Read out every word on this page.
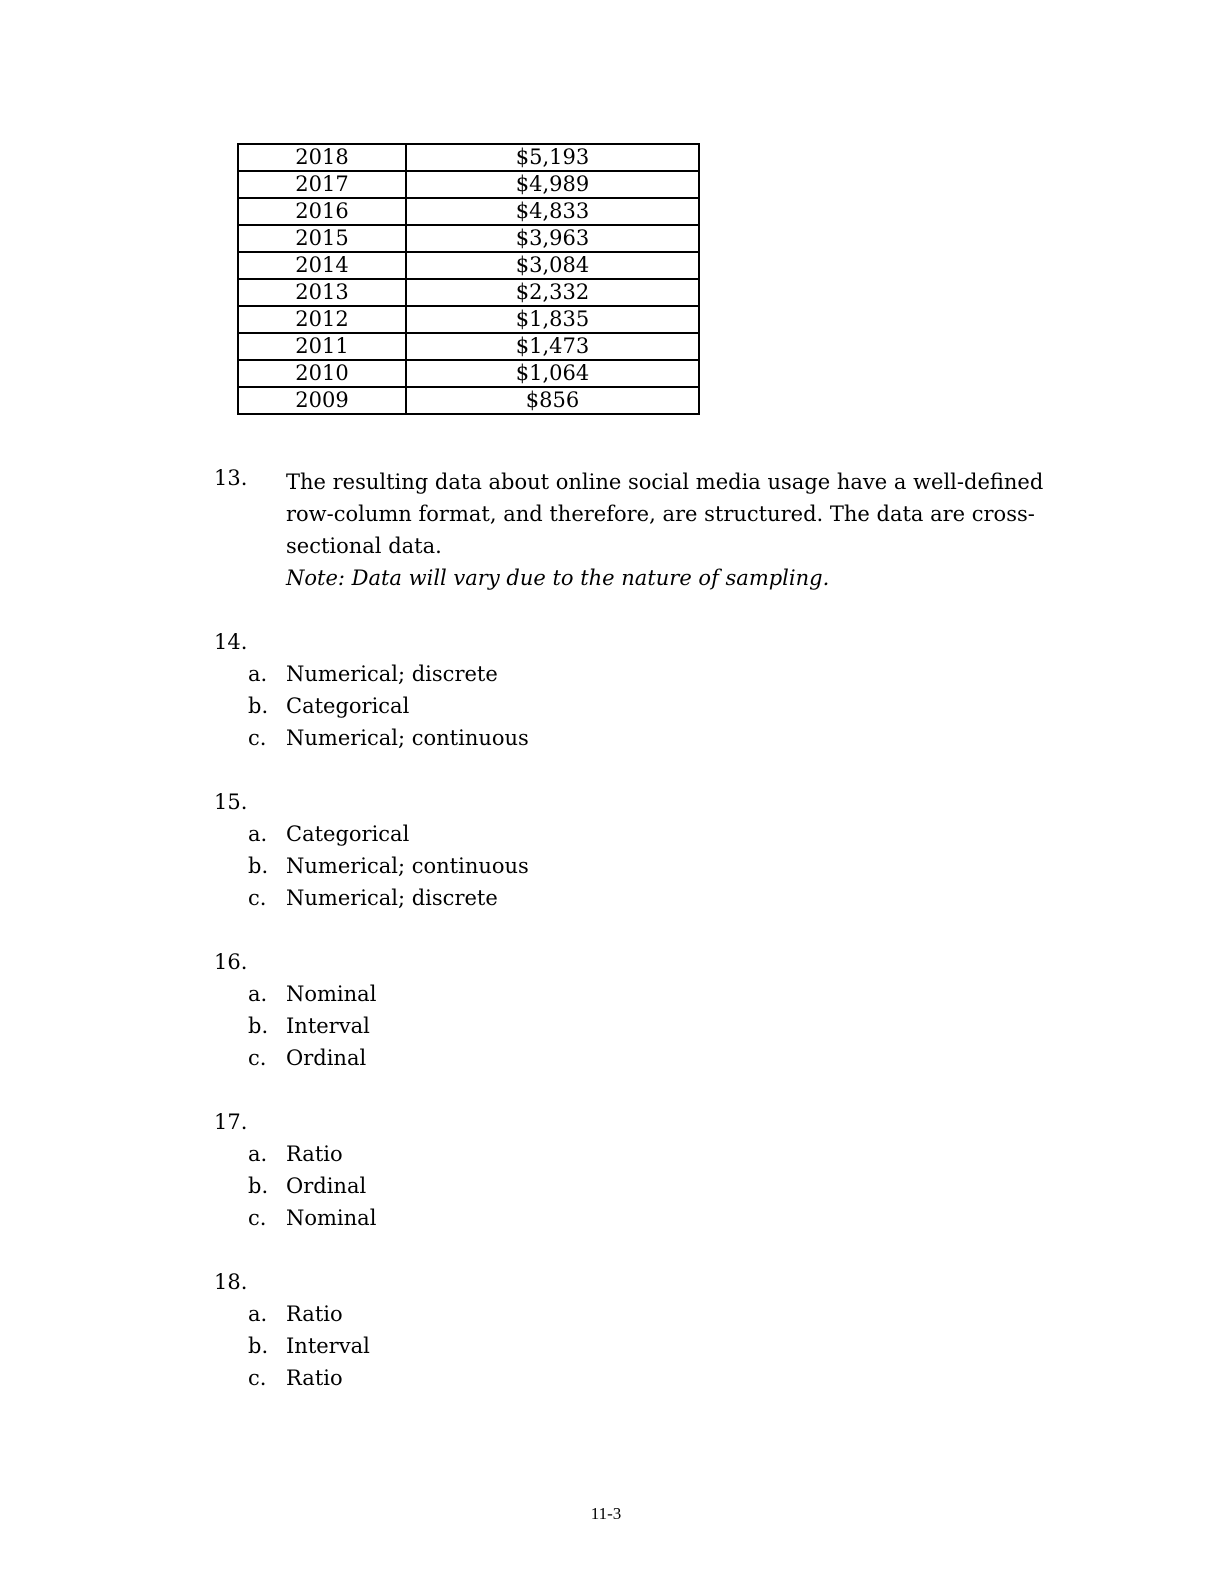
2018	$5,193
2017	$4,989
2016	$4,833
2015	$3,963
2014	$3,084
2013	$2,332
2012	$1,835
2011	$1,473
2010	$1,064
2009	$856
13. The resulting data about online social media usage have a well-defined row-column format, and therefore, are structured. The data are cross-sectional data.

Note: Data will vary due to the nature of sampling.

14.
a. Numerical; discrete
b. Categorical
c. Numerical; continuous
15.
a. Categorical
b. Numerical; continuous
c. Numerical; discrete
16.
a. Nominal
b. Interval
c. Ordinal
17.
a. Ratio
b. Ordinal
c. Nominal
18.
a. Ratio
b. Interval
c. Ratio
11-3
